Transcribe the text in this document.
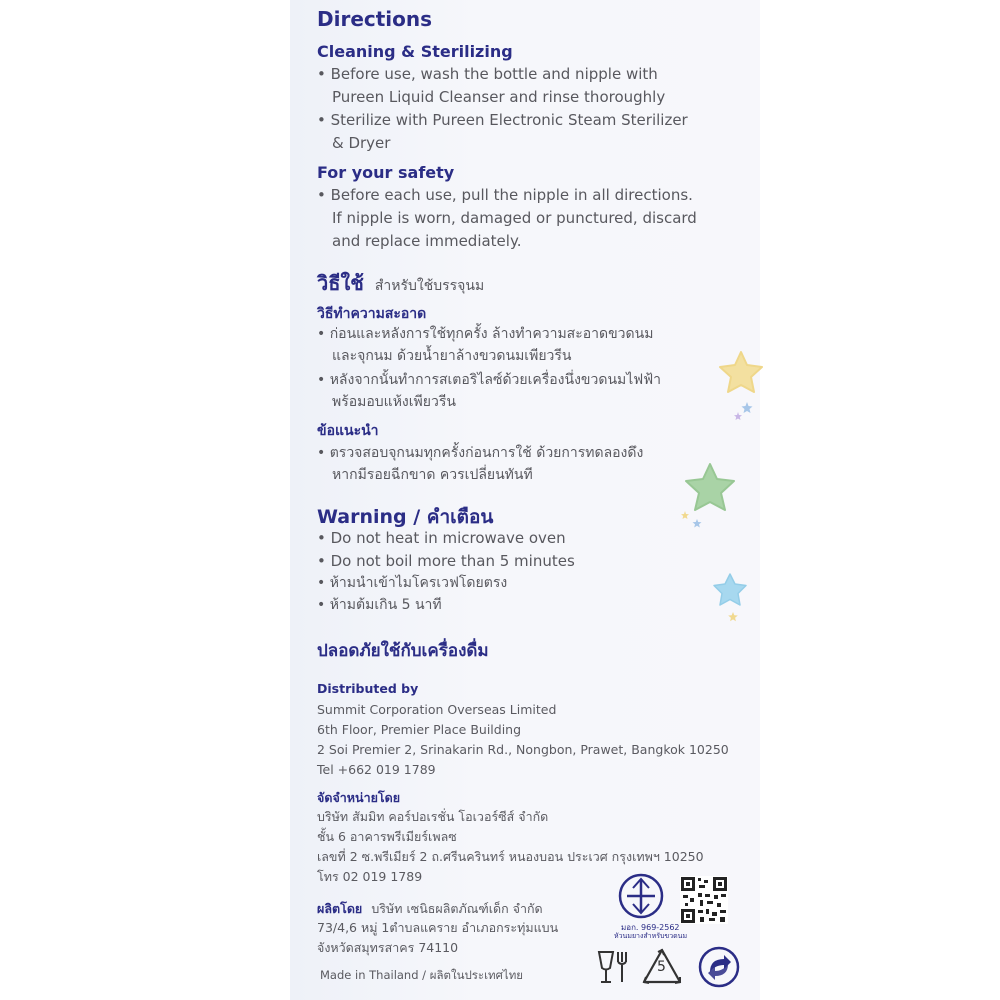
Directions
Cleaning & Sterilizing
• Before use, wash the bottle and nipple with
Pureen Liquid Cleanser and rinse thoroughly
• Sterilize with Pureen Electronic Steam Sterilizer
& Dryer
For your safety
• Before each use, pull the nipple in all directions.
If nipple is worn, damaged or punctured, discard
and replace immediately.
วิธีใช้ สำหรับใช้บรรจุนม
วิธีทำความสะอาด
• ก่อนและหลังการใช้ทุกครั้ง ล้างทำความสะอาดขวดนม
และจุกนม ด้วยน้ำยาล้างขวดนมเพียวรีน
• หลังจากนั้นทำการสเตอริไลซ์ด้วยเครื่องนึ่งขวดนมไฟฟ้า
พร้อมอบแห้งเพียวรีน
ข้อแนะนำ
• ตรวจสอบจุกนมทุกครั้งก่อนการใช้ ด้วยการทดลองดึง
หากมีรอยฉีกขาด ควรเปลี่ยนทันที
Warning / คำเตือน
• Do not heat in microwave oven
• Do not boil more than 5 minutes
• ห้ามนำเข้าไมโครเวฟโดยตรง
• ห้ามต้มเกิน 5 นาที
ปลอดภัยใช้กับเครื่องดื่ม
Distributed by
Summit Corporation Overseas Limited
6th Floor, Premier Place Building
2 Soi Premier 2, Srinakarin Rd., Nongbon, Prawet, Bangkok 10250
Tel +662 019 1789
จัดจำหน่ายโดย
บริษัท สัมมิท คอร์ปอเรชั่น โอเวอร์ซีส์ จำกัด
ชั้น 6 อาคารพรีเมียร์เพลซ
เลขที่ 2 ซ.พรีเมียร์ 2 ถ.ศรีนครินทร์ หนองบอน ประเวศ กรุงเทพฯ 10250
โทร 02 019 1789
ผลิตโดย บริษัท เซนิธผลิตภัณฑ์เด็ก จำกัด
73/4,6 หมู่ 1ตำบลแคราย อำเภอกระทุ่มแบน
จังหวัดสมุทรสาคร 74110
Made in Thailand / ผลิตในประเทศไทย
มอก. 969-2562
หัวนมยางสำหรับขวดนม
5
